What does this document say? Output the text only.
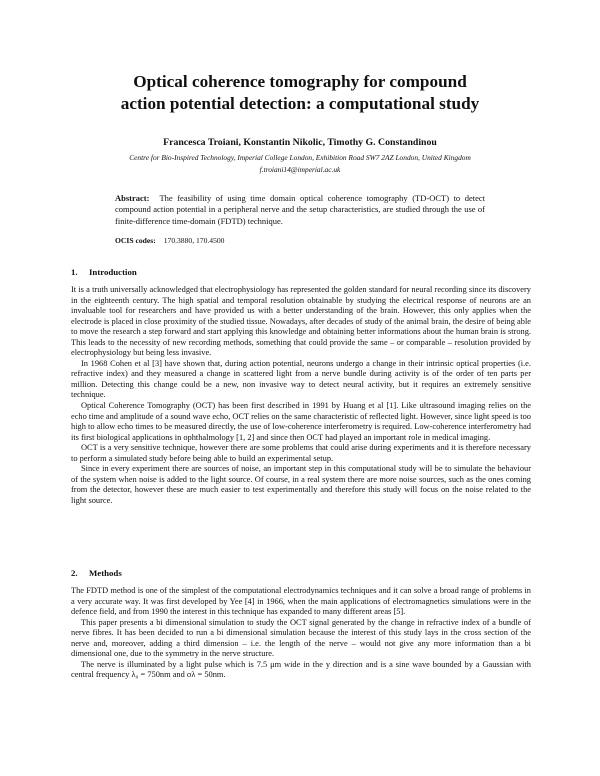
Optical coherence tomography for compound
action potential detection: a computational study
Francesca Troiani, Konstantin Nikolic, Timothy G. Constandinou
Centre for Bio-Inspired Technology, Imperial College London, Exhibition Road SW7 2AZ London, United Kingdom
f.troiani14@imperial.ac.uk
Abstract: The feasibility of using time domain optical coherence tomography (TD-OCT) to detect compound action potential in a peripheral nerve and the setup characteristics, are studied through the use of finite-difference time-domain (FDTD) technique.
OCIS codes: 170.3880, 170.4500
1. Introduction

It is a truth universally acknowledged that electrophysiology has represented the golden standard for neural recording since its discovery in the eighteenth century. The high spatial and temporal resolution obtainable by studying the electrical response of neurons are an invaluable tool for researchers and have provided us with a better understanding of the brain. However, this only applies when the electrode is placed in close proximity of the studied tissue. Nowadays, after decades of study of the animal brain, the desire of being able to move the research a step forward and start applying this knowledge and obtaining better informations about the human brain is strong. This leads to the necessity of new recording methods, something that could provide the same – or comparable – resolution provided by electrophysiology but being less invasive.

In 1968 Cohen et al [3] have shown that, during action potential, neurons undergo a change in their intrinsic optical properties (i.e. refractive index) and they measured a change in scattered light from a nerve bundle during activity is of the order of ten parts per million. Detecting this change could be a new, non invasive way to detect neural activity, but it requires an extremely sensitive technique.

Optical Coherence Tomography (OCT) has been first described in 1991 by Huang et al [1]. Like ultrasound imaging relies on the echo time and amplitude of a sound wave echo, OCT relies on the same characteristic of reflected light. However, since light speed is too high to allow echo times to be measured directly, the use of low-coherence interferometry is required. Low-coherence interferometry had its first biological applications in ophthalmology [1, 2] and since then OCT had played an important role in medical imaging.

OCT is a very sensitive technique, however there are some problems that could arise during experiments and it is therefore necessary to perform a simulated study before being able to build an experimental setup.

Since in every experiment there are sources of noise, an important step in this computational study will be to simulate the behaviour of the system when noise is added to the light source. Of course, in a real system there are more noise sources, such as the ones coming from the detector, however these are much easier to test experimentally and therefore this study will focus on the noise related to the light source.

2. Methods

The FDTD method is one of the simplest of the computational electrodynamics techniques and it can solve a broad range of problems in a very accurate way. It was first developed by Yee [4] in 1966, when the main applications of electromagnetics simulations were in the defence field, and from 1990 the interest in this technique has expanded to many different areas [5].

This paper presents a bi dimensional simulation to study the OCT signal generated by the change in refractive index of a bundle of nerve fibres. It has been decided to run a bi dimensional simulation because the interest of this study lays in the cross section of the nerve and, moreover, adding a third dimension – i.e. the length of the nerve – would not give any more information than a bi dimensional one, due to the symmetry in the nerve structure.

The nerve is illuminated by a light pulse which is 7.5 μm wide in the y direction and is a sine wave bounded by a Gaussian with central frequency λ₀ = 750nm and σλ = 50nm.
